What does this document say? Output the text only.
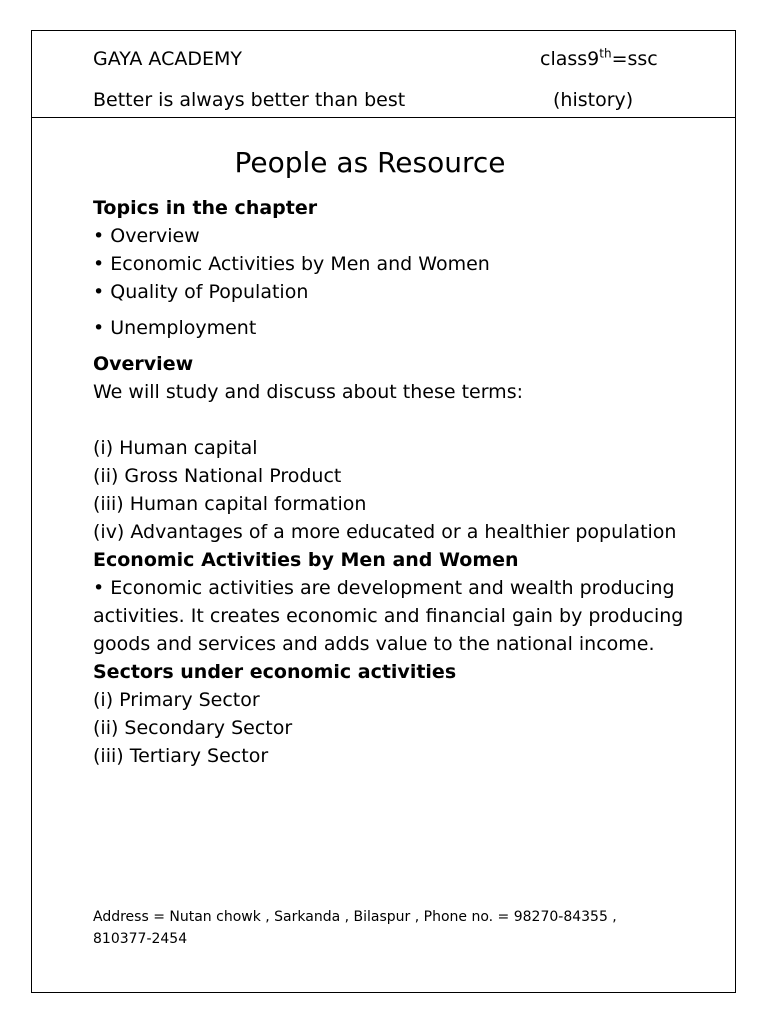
GAYA ACADEMY	class9th=ssc
Better is always better than best	(history)
People as Resource
Topics in the chapter
• Overview
• Economic Activities by Men and Women
• Quality of Population
• Unemployment
Overview
We will study and discuss about these terms:
(i) Human capital
(ii) Gross National Product
(iii) Human capital formation
(iv) Advantages of a more educated or a healthier population
Economic Activities by Men and Women
• Economic activities are development and wealth producing
activities. It creates economic and financial gain by producing
goods and services and adds value to the national income.
Sectors under economic activities
(i) Primary Sector
(ii) Secondary Sector
(iii) Tertiary Sector
Address = Nutan chowk , Sarkanda , Bilaspur , Phone no. = 98270-84355 ,
810377-2454
